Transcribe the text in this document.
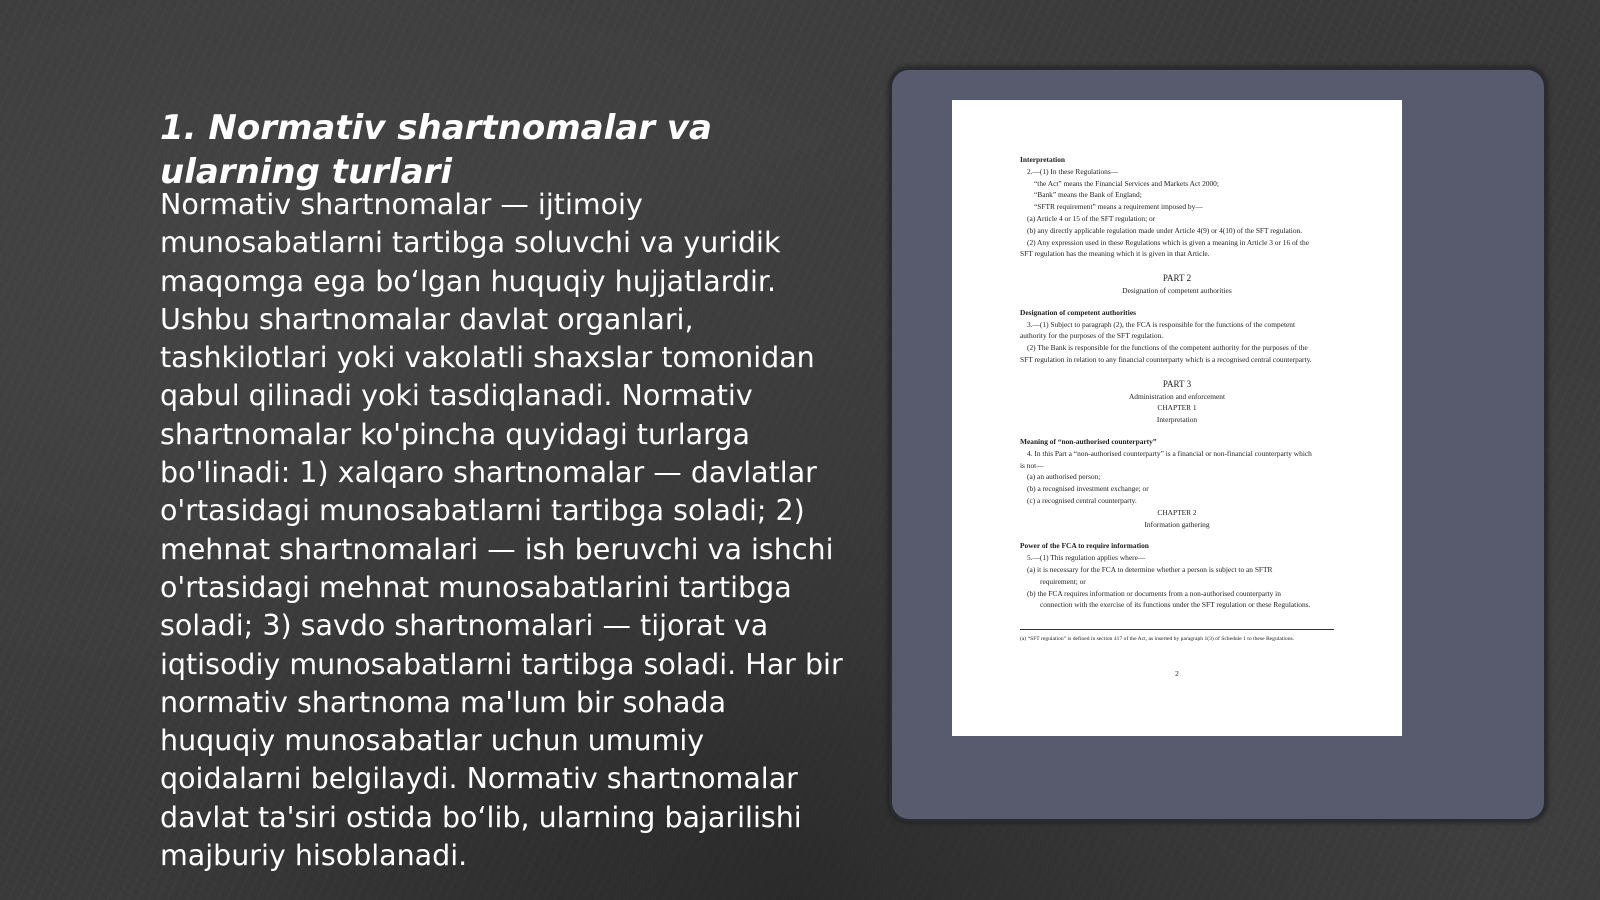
1. Normativ shartnomalar va ularning turlari

Normativ shartnomalar — ijtimoiy munosabatlarni tartibga soluvchi va yuridik maqomga ega bo‘lgan huquqiy hujjatlardir. Ushbu shartnomalar davlat organlari, tashkilotlari yoki vakolatli shaxslar tomonidan qabul qilinadi yoki tasdiqlanadi. Normativ shartnomalar ko'pincha quyidagi turlarga bo'linadi: 1) xalqaro shartnomalar — davlatlar o'rtasidagi munosabatlarni tartibga soladi; 2) mehnat shartnomalari — ish beruvchi va ishchi o'rtasidagi mehnat munosabatlarini tartibga soladi; 3) savdo shartnomalari — tijorat va iqtisodiy munosabatlarni tartibga soladi. Har bir normativ shartnoma ma'lum bir sohada huquqiy munosabatlar uchun umumiy qoidalarni belgilaydi. Normativ shartnomalar davlat ta'siri ostida bo‘lib, ularning bajarilishi majburiy hisoblanadi.

Interpretation

2.—(1) In these Regulations—

“the Act” means the Financial Services and Markets Act 2000;

“Bank” means the Bank of England;

“SFTR requirement” means a requirement imposed by—

(a) Article 4 or 15 of the SFT regulation; or

(b) any directly applicable regulation made under Article 4(9) or 4(10) of the SFT regulation.

(2) Any expression used in these Regulations which is given a meaning in Article 3 or 16 of the

SFT regulation has the meaning which it is given in that Article.

PART 2

Designation of competent authorities

Designation of competent authorities

3.—(1) Subject to paragraph (2), the FCA is responsible for the functions of the competent

authority for the purposes of the SFT regulation.

(2) The Bank is responsible for the functions of the competent authority for the purposes of the

SFT regulation in relation to any financial counterparty which is a recognised central counterparty.

PART 3

Administration and enforcement

CHAPTER 1

Interpretation

Meaning of “non-authorised counterparty”

4. In this Part a “non-authorised counterparty” is a financial or non-financial counterparty which

is not—

(a) an authorised person;

(b) a recognised investment exchange; or

(c) a recognised central counterparty.

CHAPTER 2

Information gathering

Power of the FCA to require information

5.—(1) This regulation applies where—

(a) it is necessary for the FCA to determine whether a person is subject to an SFTR

requirement; or

(b) the FCA requires information or documents from a non-authorised counterparty in

connection with the exercise of its functions under the SFT regulation or these Regulations.

(a) “SFT regulation” is defined in section 417 of the Act, as inserted by paragraph 1(3) of Schedule 1 to these Regulations.

2
